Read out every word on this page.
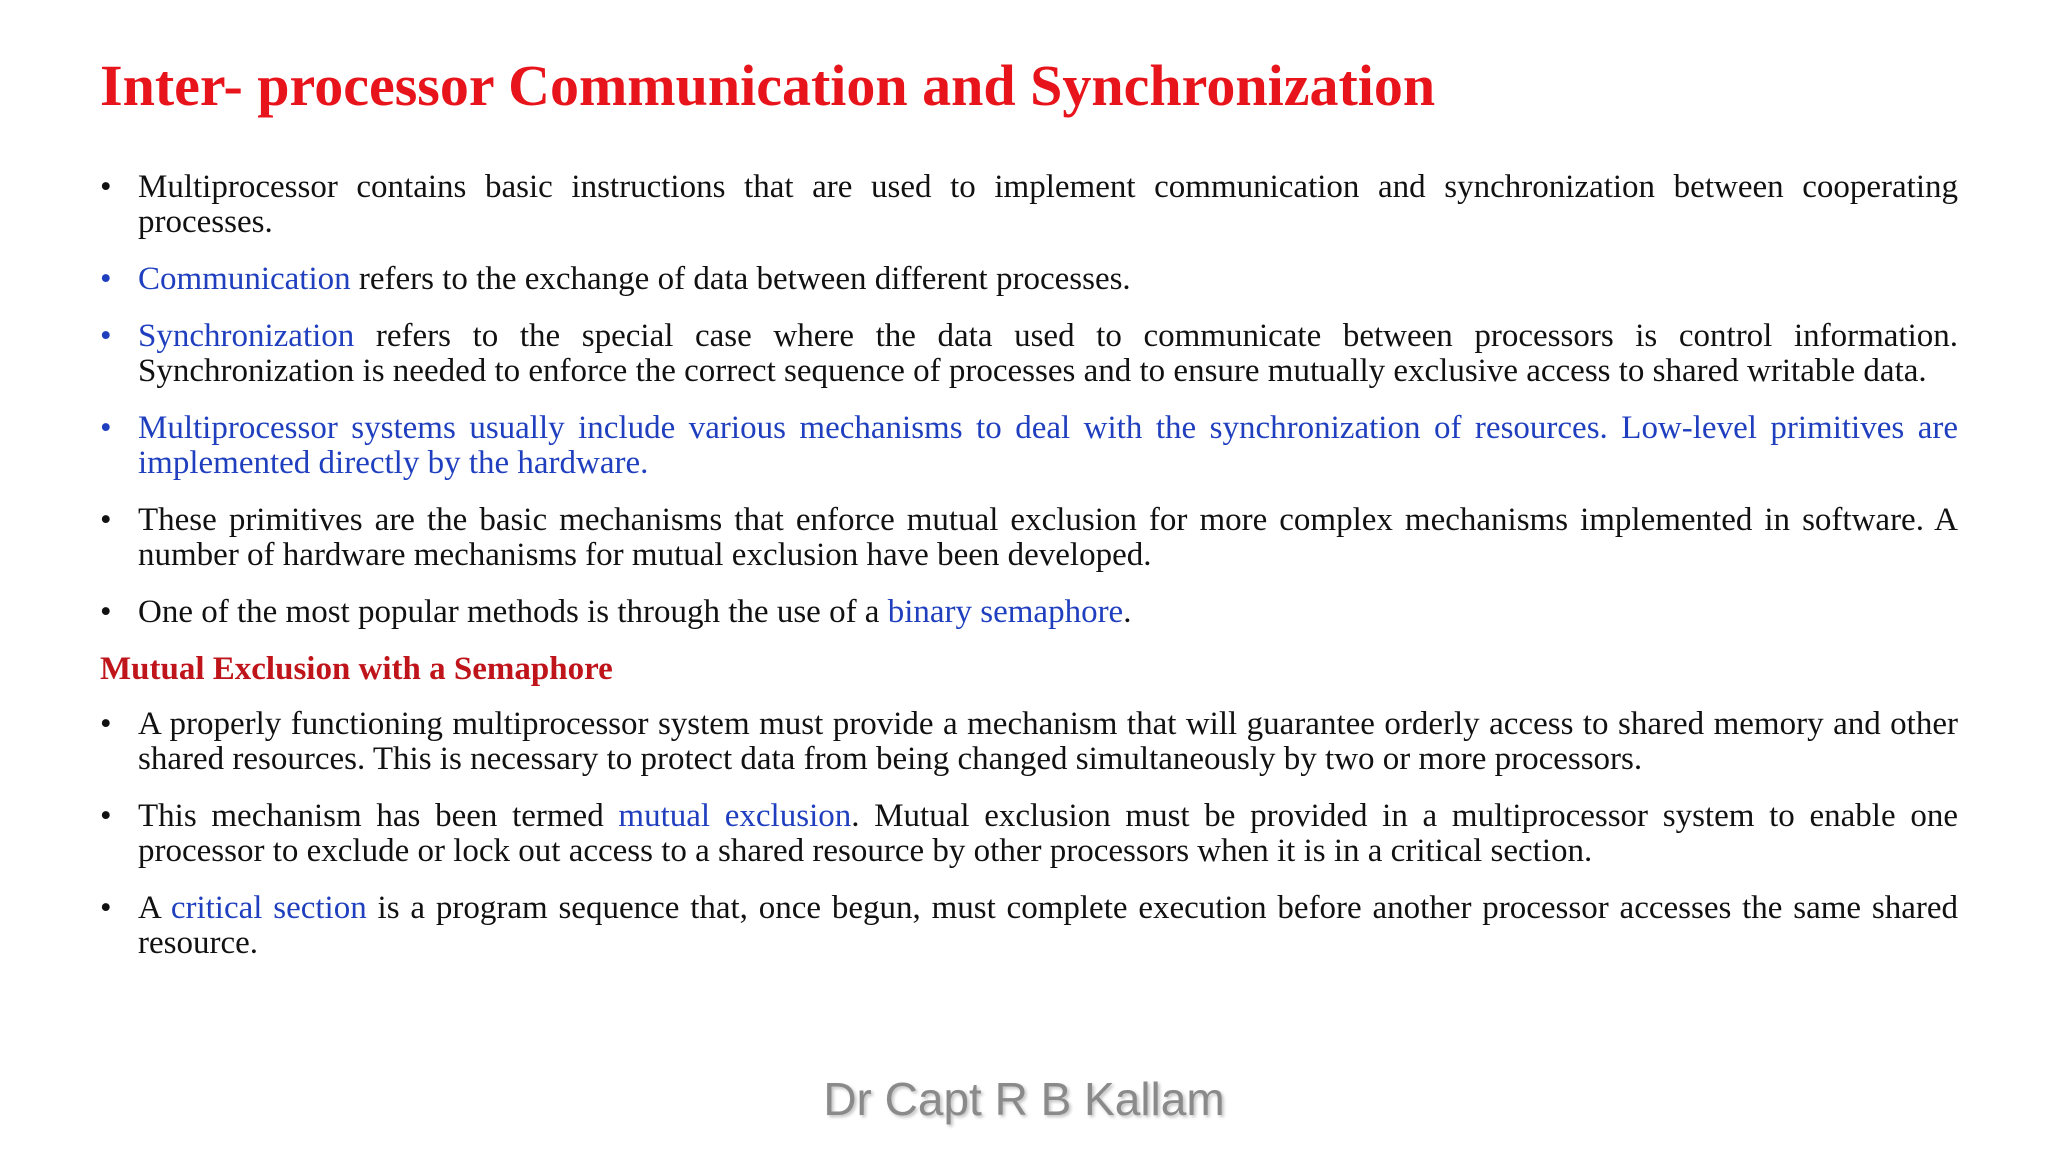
Inter- processor Communication and Synchronization
• Multiprocessor contains basic instructions that are used to implement communication and synchronization between cooperating processes.
• Communication refers to the exchange of data between different processes.
• Synchronization refers to the special case where the data used to communicate between processors is control information. Synchronization is needed to enforce the correct sequence of processes and to ensure mutually exclusive access to shared writable data.
• Multiprocessor systems usually include various mechanisms to deal with the synchronization of resources. Low-level primitives are implemented directly by the hardware.
• These primitives are the basic mechanisms that enforce mutual exclusion for more complex mechanisms implemented in software. A number of hardware mechanisms for mutual exclusion have been developed.
• One of the most popular methods is through the use of a binary semaphore.
Mutual Exclusion with a Semaphore
• A properly functioning multiprocessor system must provide a mechanism that will guarantee orderly access to shared memory and other shared resources. This is necessary to protect data from being changed simultaneously by two or more processors.
• This mechanism has been termed mutual exclusion. Mutual exclusion must be provided in a multiprocessor system to enable one processor to exclude or lock out access to a shared resource by other processors when it is in a critical section.
• A critical section is a program sequence that, once begun, must complete execution before another processor accesses the same shared resource.
Dr Capt R B Kallam
